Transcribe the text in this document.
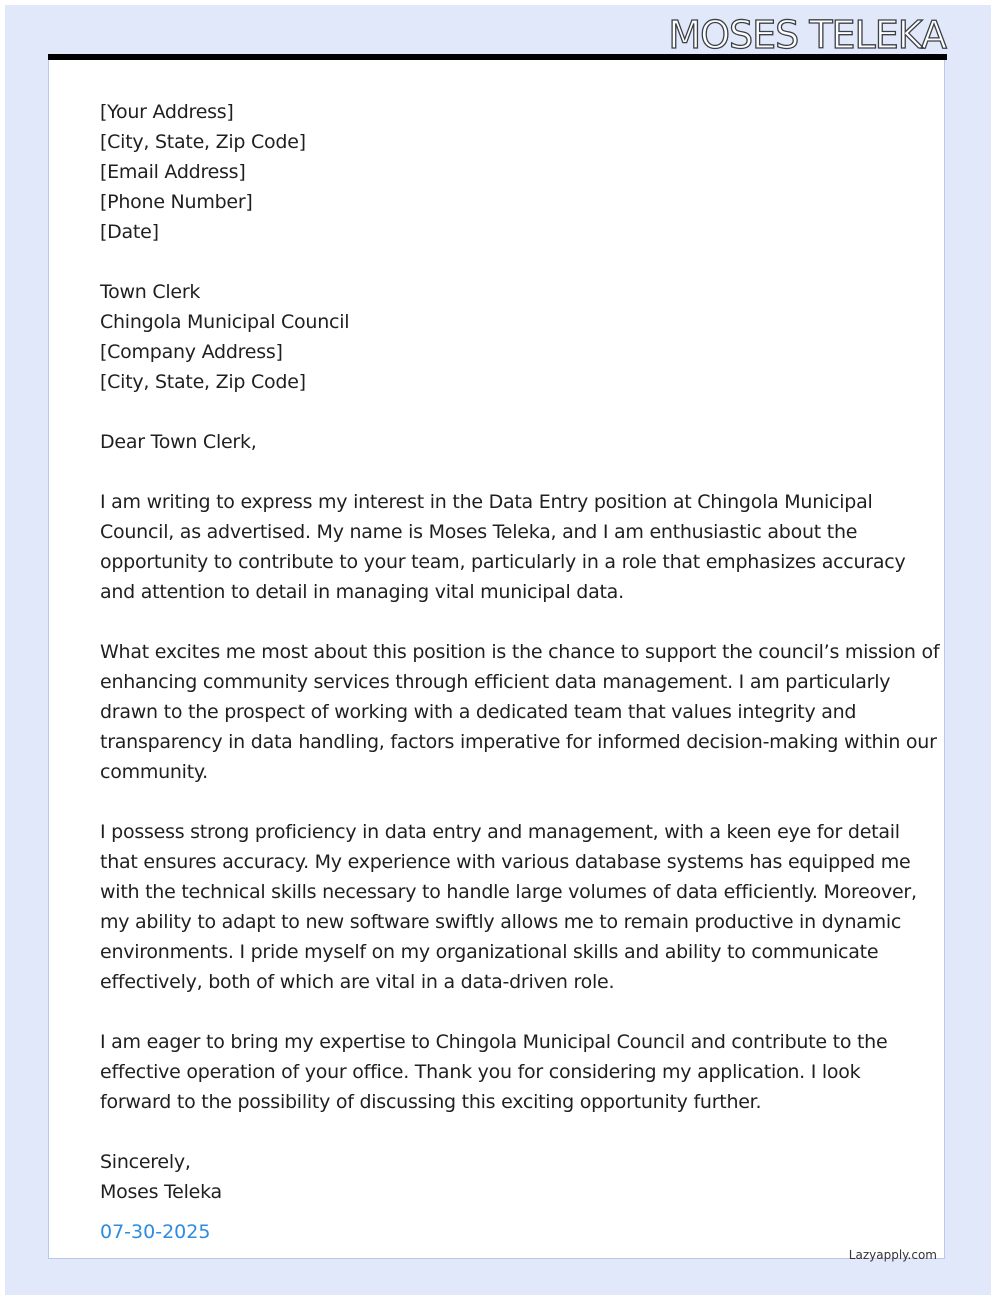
MOSES TELEKA
[Your Address]
[City, State, Zip Code]
[Email Address]
[Phone Number]
[Date]
Town Clerk
Chingola Municipal Council
[Company Address]
[City, State, Zip Code]
Dear Town Clerk,
I am writing to express my interest in the Data Entry position at Chingola Municipal
Council, as advertised. My name is Moses Teleka, and I am enthusiastic about the
opportunity to contribute to your team, particularly in a role that emphasizes accuracy
and attention to detail in managing vital municipal data.
What excites me most about this position is the chance to support the council’s mission of
enhancing community services through efficient data management. I am particularly
drawn to the prospect of working with a dedicated team that values integrity and
transparency in data handling, factors imperative for informed decision-making within our
community.
I possess strong proficiency in data entry and management, with a keen eye for detail
that ensures accuracy. My experience with various database systems has equipped me
with the technical skills necessary to handle large volumes of data efficiently. Moreover,
my ability to adapt to new software swiftly allows me to remain productive in dynamic
environments. I pride myself on my organizational skills and ability to communicate
effectively, both of which are vital in a data-driven role.
I am eager to bring my expertise to Chingola Municipal Council and contribute to the
effective operation of your office. Thank you for considering my application. I look
forward to the possibility of discussing this exciting opportunity further.
Sincerely,
Moses Teleka
07-30-2025
Lazyapply.com
